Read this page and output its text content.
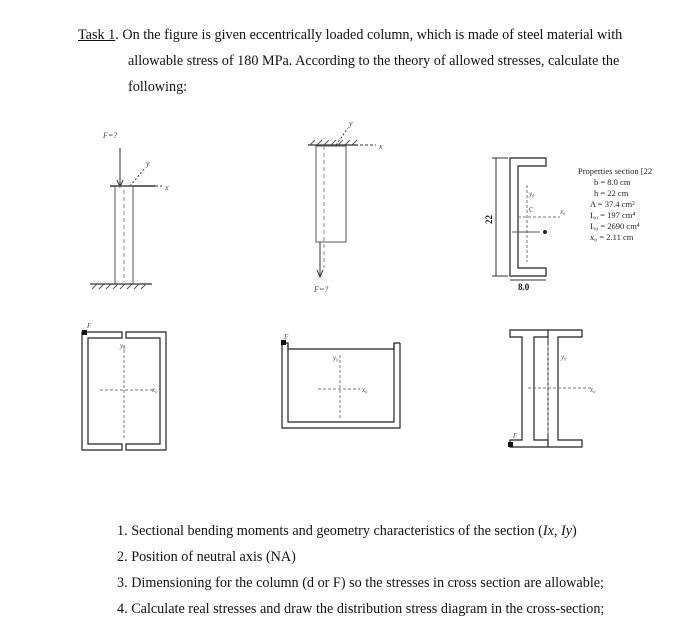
Task 1. On the figure is given eccentrically loaded column, which is made of steel material with
allowable stress of 180 MPa. According to the theory of allowed stresses, calculate the
following:
F=?
x
y
x
y
F=?
y₀
x₀
C
22
8.0
F
y₀
x₀
F
y₀
x₀
F
y₀
x₀
Properties section [22
b = 8.0 cm
h = 22 cm
A = 37.4 cm²
Iᵧ₀ = 197 cm⁴
Iₓ₀ = 2690 cm⁴
x₀ = 2.11 cm
1. Sectional bending moments and geometry characteristics of the section (Ix, Iy)
2. Position of neutral axis (NA)
3. Dimensioning for the column (d or F) so the stresses in cross section are allowable;
4. Calculate real stresses and draw the distribution stress diagram in the cross-section;
